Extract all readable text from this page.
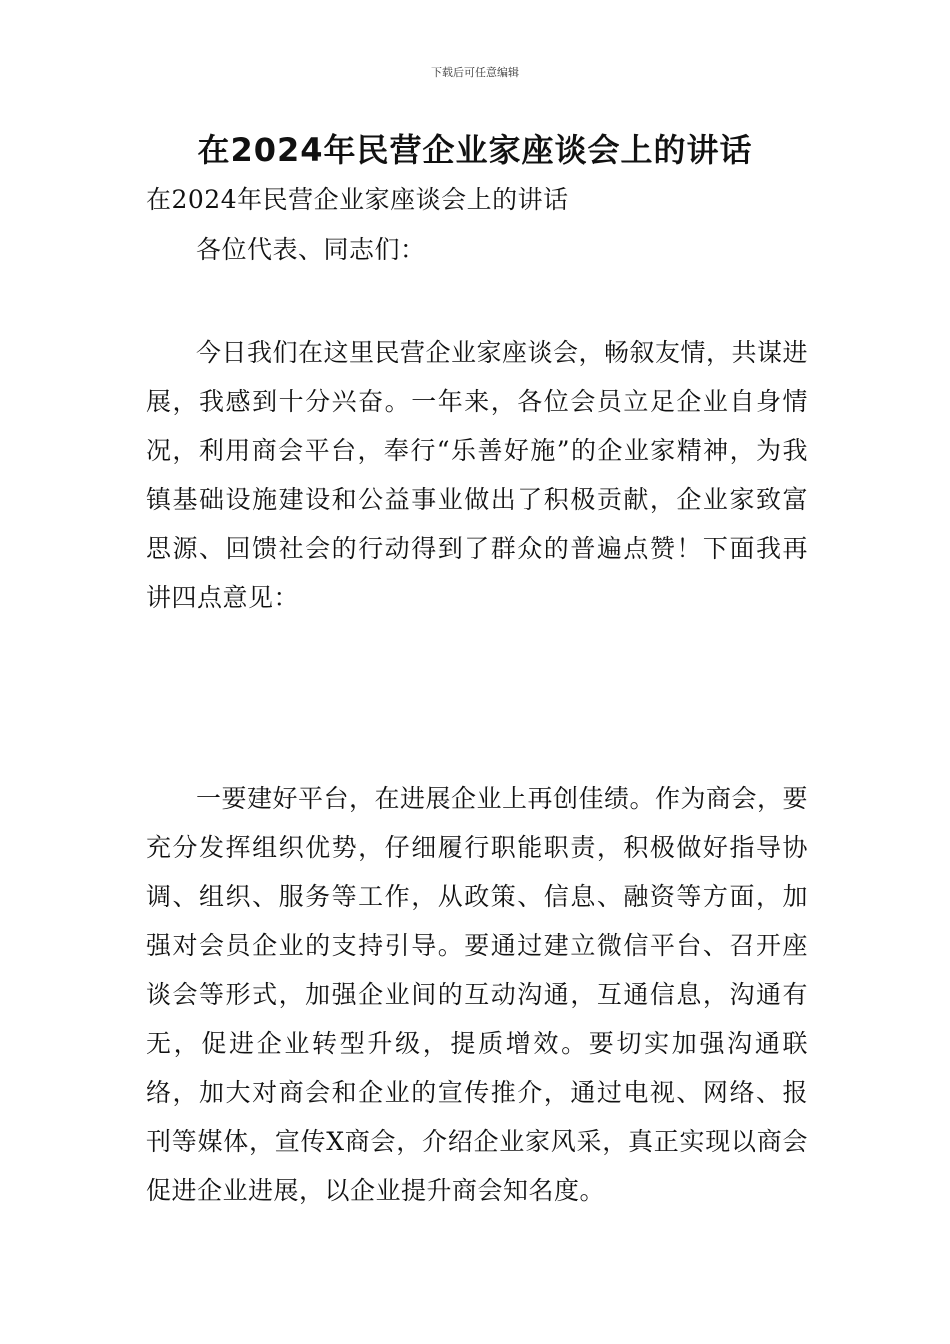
下载后可任意编辑
在2024年民营企业家座谈会上的讲话
在2024年民营企业家座谈会上的讲话
各位代表、同志们：
今日我们在这里民营企业家座谈会，畅叙友情，共谋进展，我感到十分兴奋。一年来，各位会员立足企业自身情况，利用商会平台，奉行“乐善好施”的企业家精神，为我镇基础设施建设和公益事业做出了积极贡献，企业家致富思源、回馈社会的行动得到了群众的普遍点赞！下面我再讲四点意见：
一要建好平台，在进展企业上再创佳绩。作为商会，要充分发挥组织优势，仔细履行职能职责，积极做好指导协调、组织、服务等工作，从政策、信息、融资等方面，加强对会员企业的支持引导。要通过建立微信平台、召开座谈会等形式，加强企业间的互动沟通，互通信息，沟通有无，促进企业转型升级，提质增效。要切实加强沟通联络，加大对商会和企业的宣传推介，通过电视、网络、报刊等媒体，宣传X商会，介绍企业家风采，真正实现以商会促进企业进展，以企业提升商会知名度。
